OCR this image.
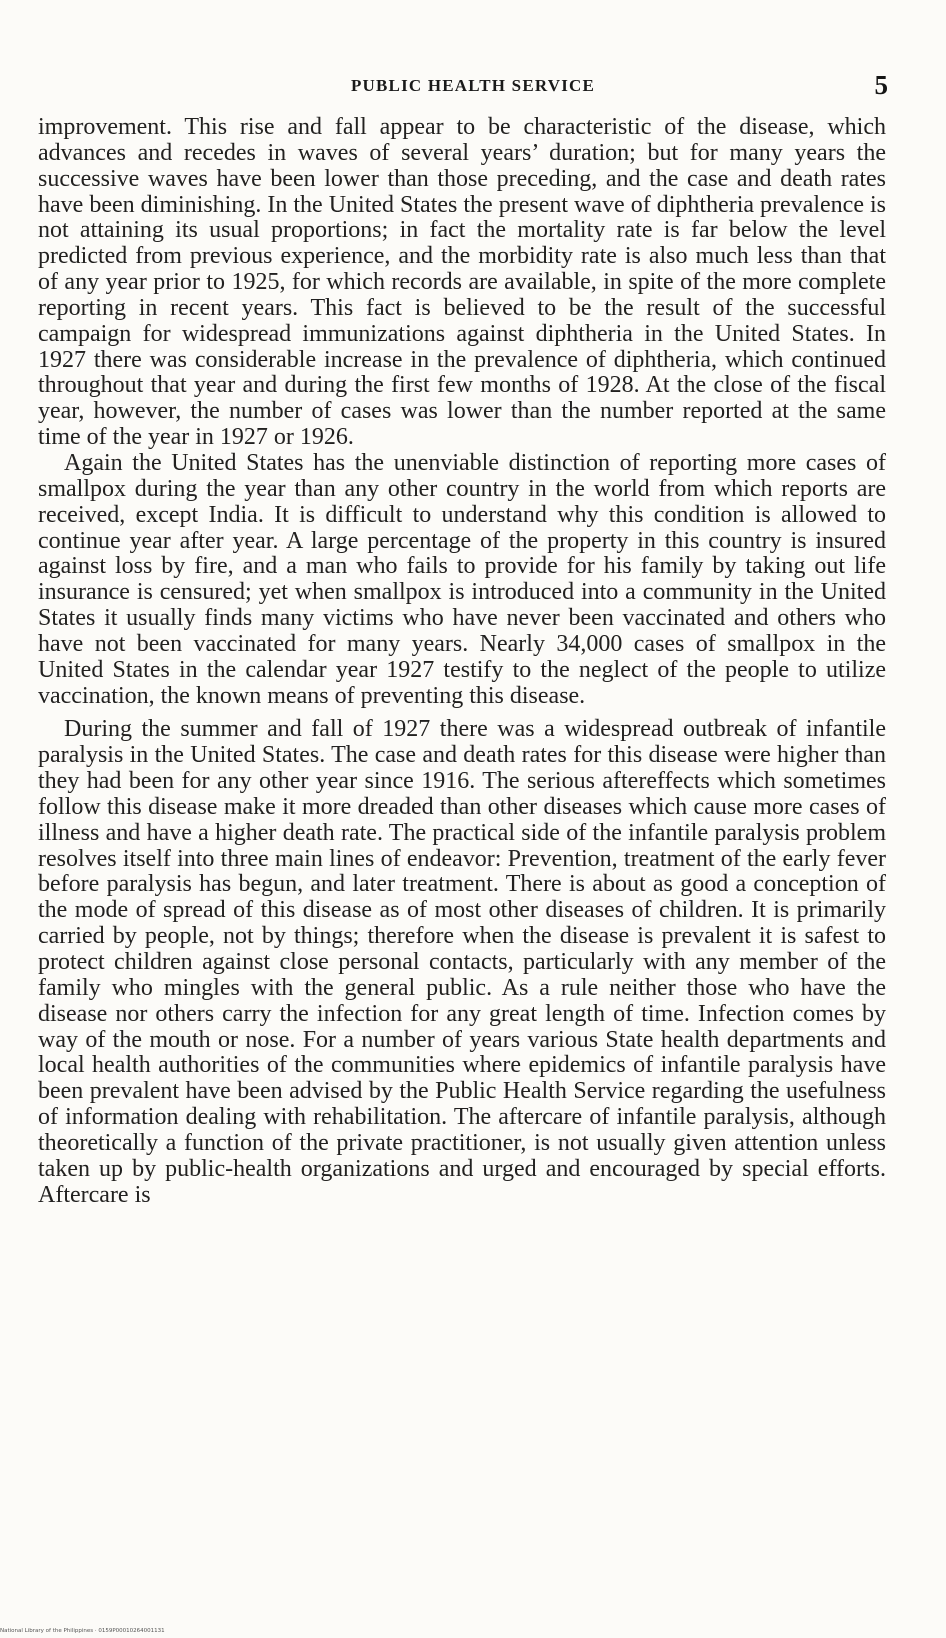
PUBLIC HEALTH SERVICE	5

improvement. This rise and fall appear to be characteristic of the disease, which advances and recedes in waves of several years’ duration; but for many years the successive waves have been lower than those preceding, and the case and death rates have been diminishing. In the United States the present wave of diphtheria prevalence is not attaining its usual proportions; in fact the mortality rate is far below the level predicted from previous experience, and the morbidity rate is also much less than that of any year prior to 1925, for which records are available, in spite of the more complete reporting in recent years. This fact is believed to be the result of the successful campaign for widespread immunizations against diphtheria in the United States. In 1927 there was considerable increase in the prevalence of diphtheria, which continued throughout that year and during the first few months of 1928. At the close of the fiscal year, however, the number of cases was lower than the number reported at the same time of the year in 1927 or 1926.

Again the United States has the unenviable distinction of reporting more cases of smallpox during the year than any other country in the world from which reports are received, except India. It is difficult to understand why this condition is allowed to continue year after year. A large percentage of the property in this country is insured against loss by fire, and a man who fails to provide for his family by taking out life insurance is censured; yet when smallpox is introduced into a community in the United States it usually finds many victims who have never been vaccinated and others who have not been vaccinated for many years. Nearly 34,000 cases of smallpox in the United States in the calendar year 1927 testify to the neglect of the people to utilize vaccination, the known means of preventing this disease.

During the summer and fall of 1927 there was a widespread outbreak of infantile paralysis in the United States. The case and death rates for this disease were higher than they had been for any other year since 1916. The serious aftereffects which sometimes follow this disease make it more dreaded than other diseases which cause more cases of illness and have a higher death rate. The practical side of the infantile paralysis problem resolves itself into three main lines of endeavor: Prevention, treatment of the early fever before paralysis has begun, and later treatment. There is about as good a conception of the mode of spread of this disease as of most other diseases of children. It is primarily carried by people, not by things; therefore when the disease is prevalent it is safest to protect children against close personal contacts, particularly with any member of the family who mingles with the general public. As a rule neither those who have the disease nor others carry the infection for any great length of time. Infection comes by way of the mouth or nose. For a number of years various State health departments and local health authorities of the communities where epidemics of infantile paralysis have been prevalent have been advised by the Public Health Service regarding the usefulness of information dealing with rehabilitation. The aftercare of infantile paralysis, although theoretically a function of the private practitioner, is not usually given attention unless taken up by public-health organizations and urged and encouraged by special efforts. Aftercare is

National Library of the Philippines · 0159P00010264001131
